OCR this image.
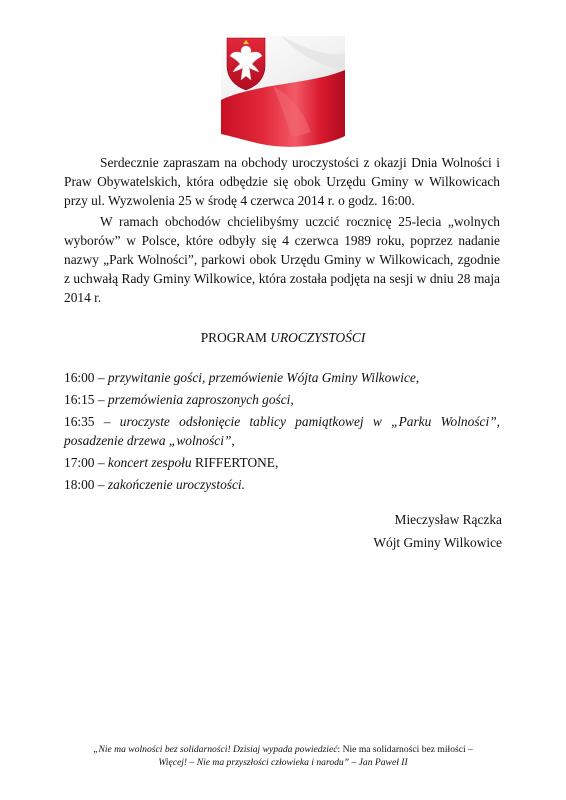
Serdecznie zapraszam na obchody uroczystości z okazji Dnia Wolności i Praw Obywatelskich, która odbędzie się obok Urzędu Gminy w Wilkowicach przy ul. Wyzwolenia 25 w środę 4 czerwca 2014 r. o godz. 16:00.

W ramach obchodów chcielibyśmy uczcić rocznicę 25-lecia „wolnych wyborów” w Polsce, które odbyły się 4 czerwca 1989 roku, poprzez nadanie nazwy „Park Wolności”, parkowi obok Urzędu Gminy w Wilkowicach, zgodnie z uchwałą Rady Gminy Wilkowice, która została podjęta na sesji w dniu 28 maja 2014 r.

PROGRAM UROCZYSTOŚCI
16:00 – przywitanie gości, przemówienie Wójta Gminy Wilkowice,
16:15 – przemówienia zaproszonych gości,
16:35 – uroczyste odsłonięcie tablicy pamiątkowej w „Parku Wolności”, posadzenie drzewa „wolności”,
17:00 – koncert zespołu RIFFERTONE,
18:00 – zakończenie uroczystości.
Mieczysław Rączka
Wójt Gminy Wilkowice
„Nie ma wolności bez solidarności! Dzisiaj wypada powiedzieć: Nie ma solidarności bez miłości –
Więcej! – Nie ma przyszłości człowieka i narodu” – Jan Paweł II
